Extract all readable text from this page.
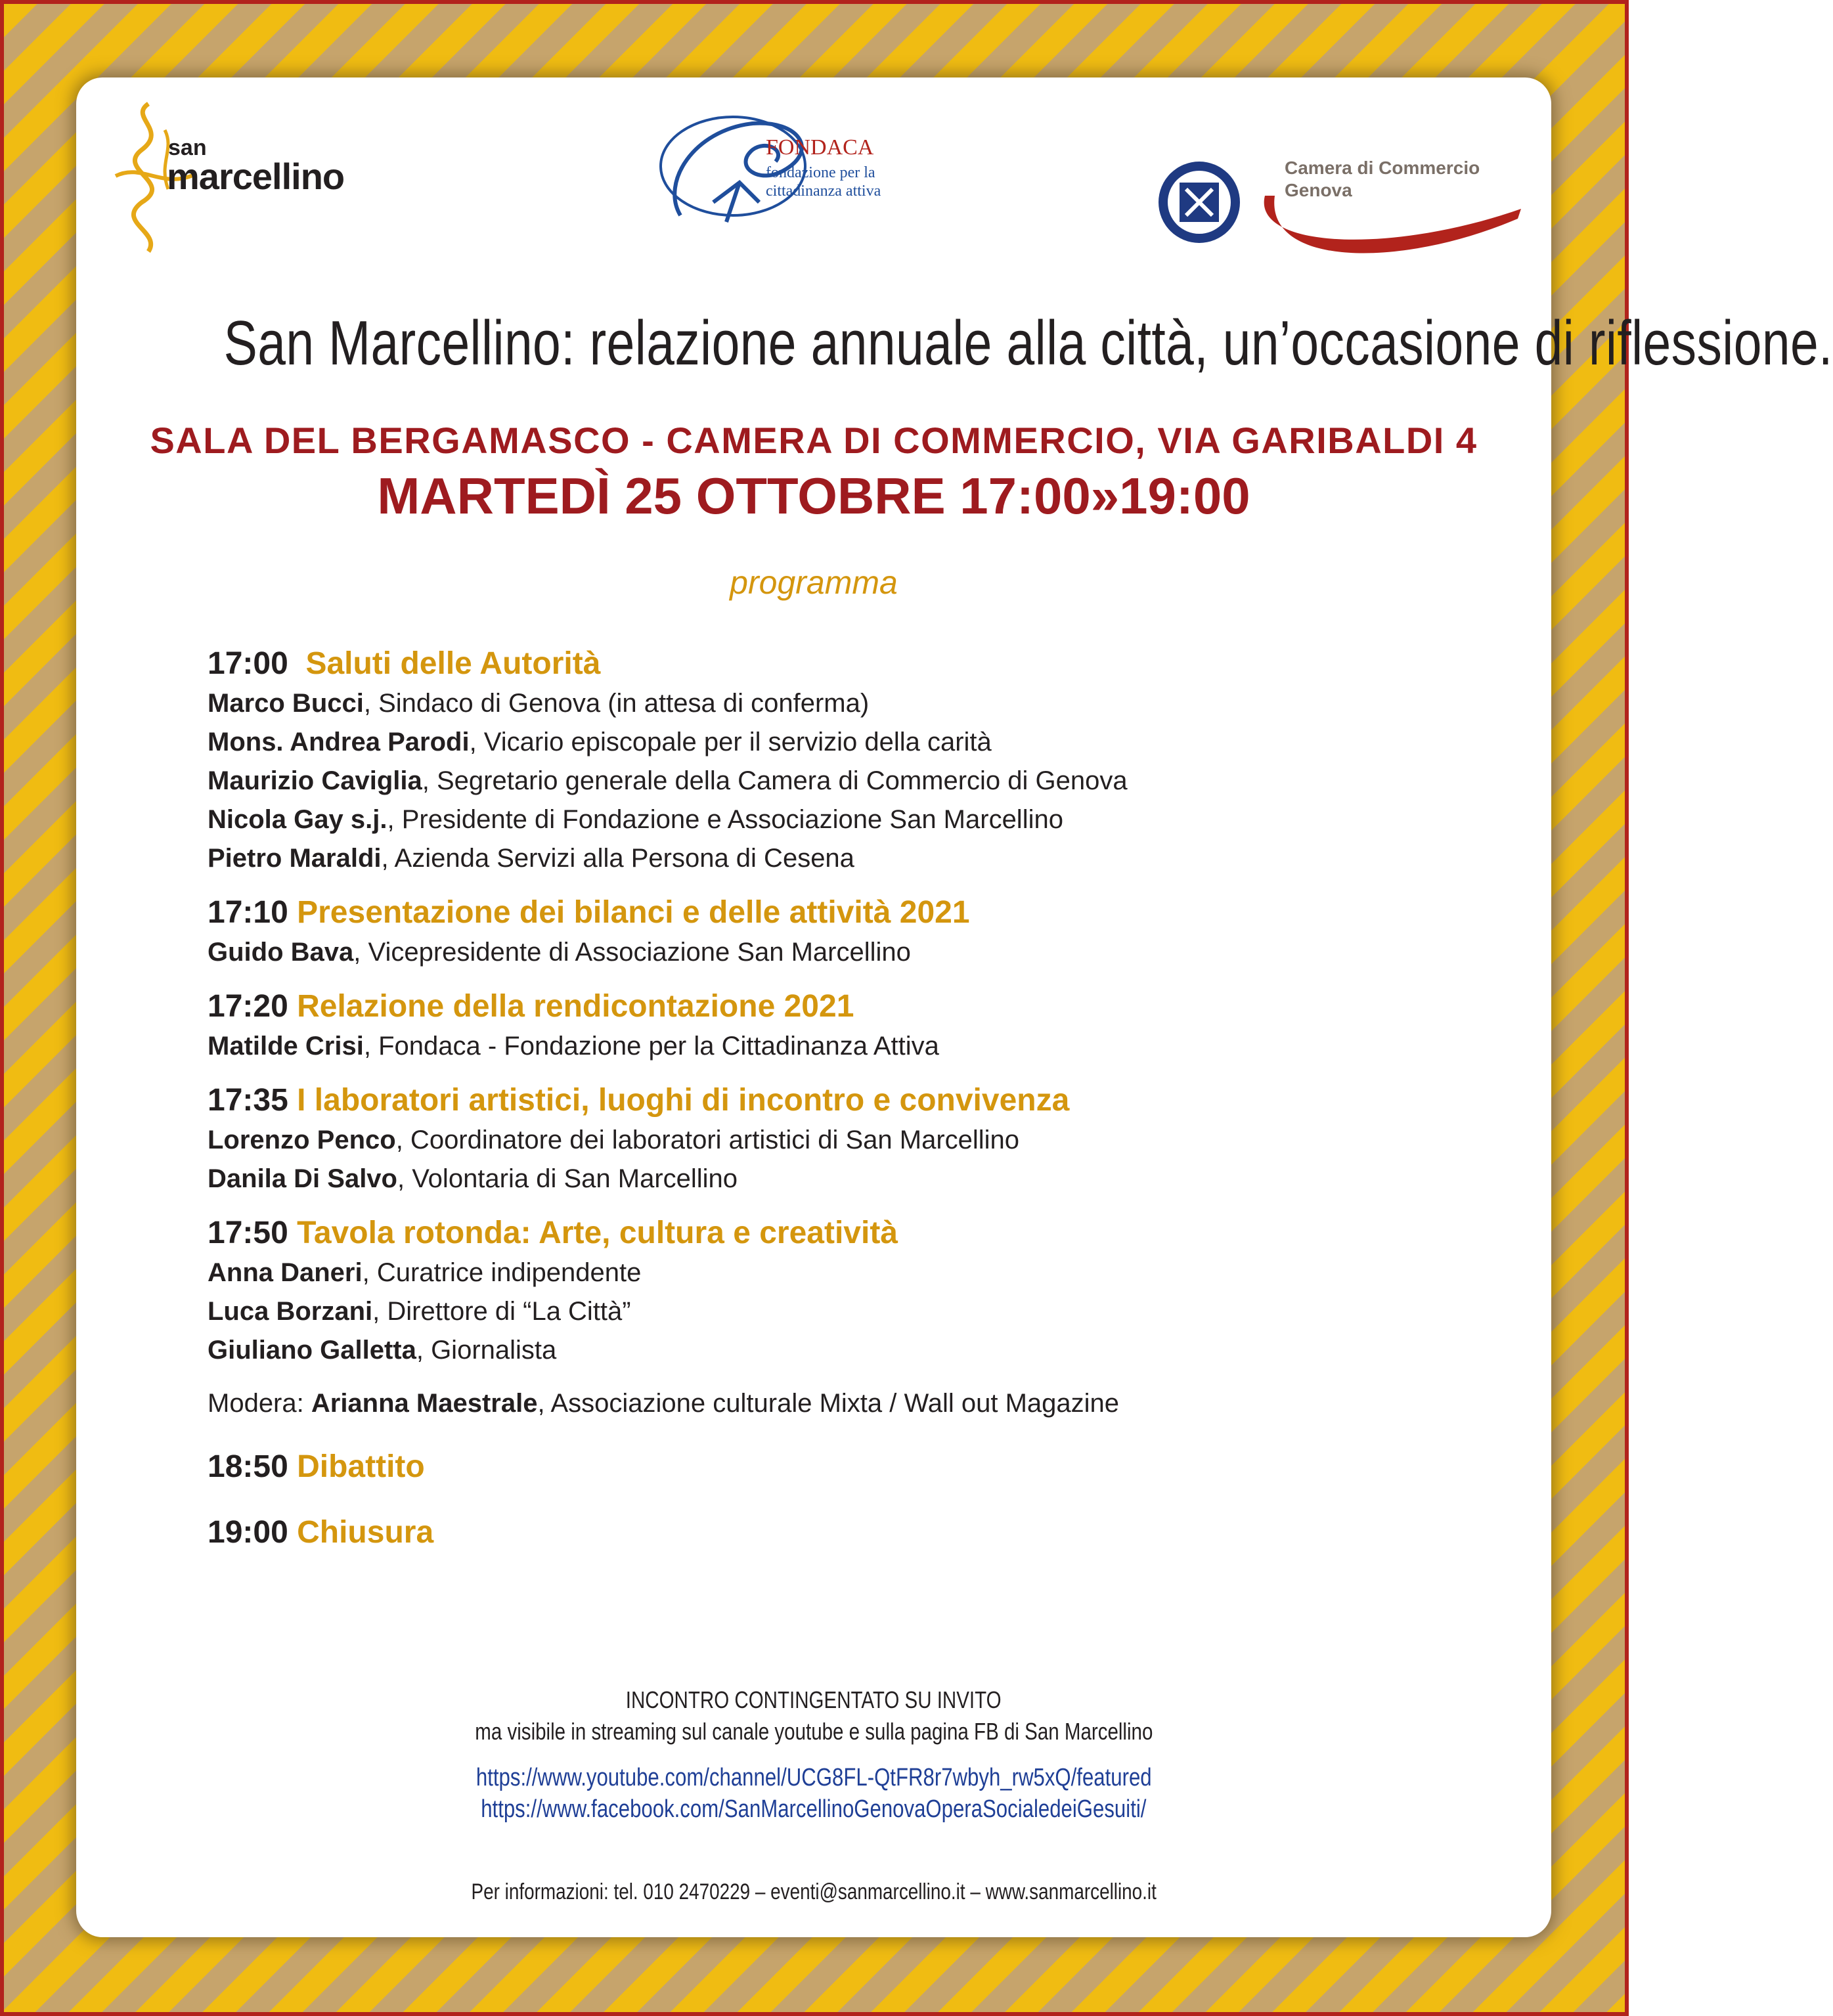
san
marcellino
FONDACA
fondazione per la
cittadinanza attiva
Camera di Commercio
Genova
San Marcellino: relazione annuale alla città, un’occasione di riflessione.
SALA DEL BERGAMASCO - CAMERA DI COMMERCIO, VIA GARIBALDI 4
MARTEDÌ 25 OTTOBRE 17:00»19:00
programma
17:00 Saluti delle Autorità
Marco Bucci, Sindaco di Genova (in attesa di conferma)
Mons. Andrea Parodi, Vicario episcopale per il servizio della carità
Maurizio Caviglia, Segretario generale della Camera di Commercio di Genova
Nicola Gay s.j., Presidente di Fondazione e Associazione San Marcellino
Pietro Maraldi, Azienda Servizi alla Persona di Cesena
17:10 Presentazione dei bilanci e delle attività 2021
Guido Bava, Vicepresidente di Associazione San Marcellino
17:20 Relazione della rendicontazione 2021
Matilde Crisi, Fondaca - Fondazione per la Cittadinanza Attiva
17:35 I laboratori artistici, luoghi di incontro e convivenza
Lorenzo Penco, Coordinatore dei laboratori artistici di San Marcellino
Danila Di Salvo, Volontaria di San Marcellino
17:50 Tavola rotonda: Arte, cultura e creatività
Anna Daneri, Curatrice indipendente
Luca Borzani, Direttore di “La Città”
Giuliano Galletta, Giornalista
Modera: Arianna Maestrale, Associazione culturale Mixta / Wall out Magazine
18:50 Dibattito
19:00 Chiusura
INCONTRO CONTINGENTATO SU INVITO
ma visibile in streaming sul canale youtube e sulla pagina FB di San Marcellino
https://www.youtube.com/channel/UCG8FL-QtFR8r7wbyh_rw5xQ/featured
https://www.facebook.com/SanMarcellinoGenovaOperaSocialedeiGesuiti/
Per informazioni: tel. 010 2470229 – eventi@sanmarcellino.it – www.sanmarcellino.it
